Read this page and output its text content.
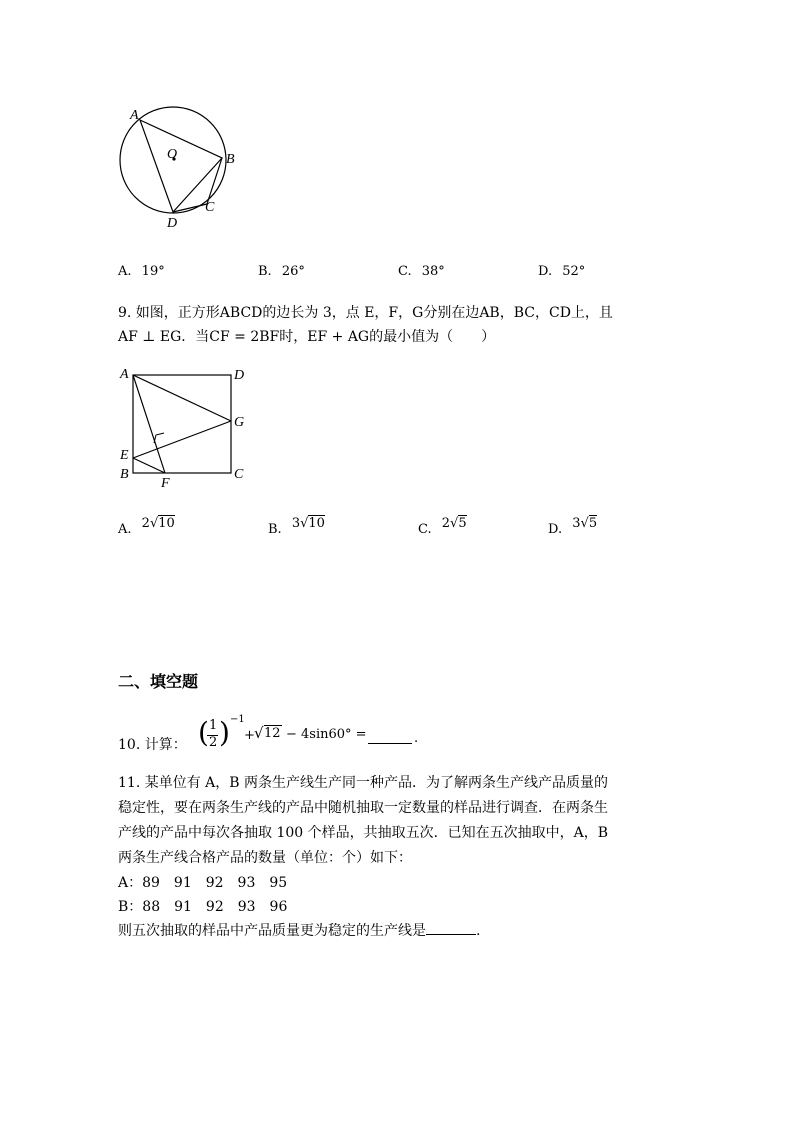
A
O	B
C
D
A. 19°	B. 26°	C. 38°	D. 52°
9. 如图，正方形ABCD的边长为 3，点 E，F，G分别在边AB，BC，CD上，且
AF ⊥ EG．当CF = 2BF时，EF + AG的最小值为（　　）
A	D
G
E
B
F
C
A. 2√10	B. 3√10	C. 2√5	D. 3√5
二、填空题
10. 计算： ( 1
2 ) −1
+ √ 12 − 4sin60° =	.
11. 某单位有 A，B 两条生产线生产同一种产品．为了解两条生产线产品质量的
稳定性，要在两条生产线的产品中随机抽取一定数量的样品进行调查．在两条生
产线的产品中每次各抽取 100 个样品，共抽取五次．已知在五次抽取中，A，B
两条生产线合格产品的数量（单位：个）如下：
A：89　91　92　93　95
B：88　91　92　93　96
则五次抽取的样品中产品质量更为稳定的生产线是	.
